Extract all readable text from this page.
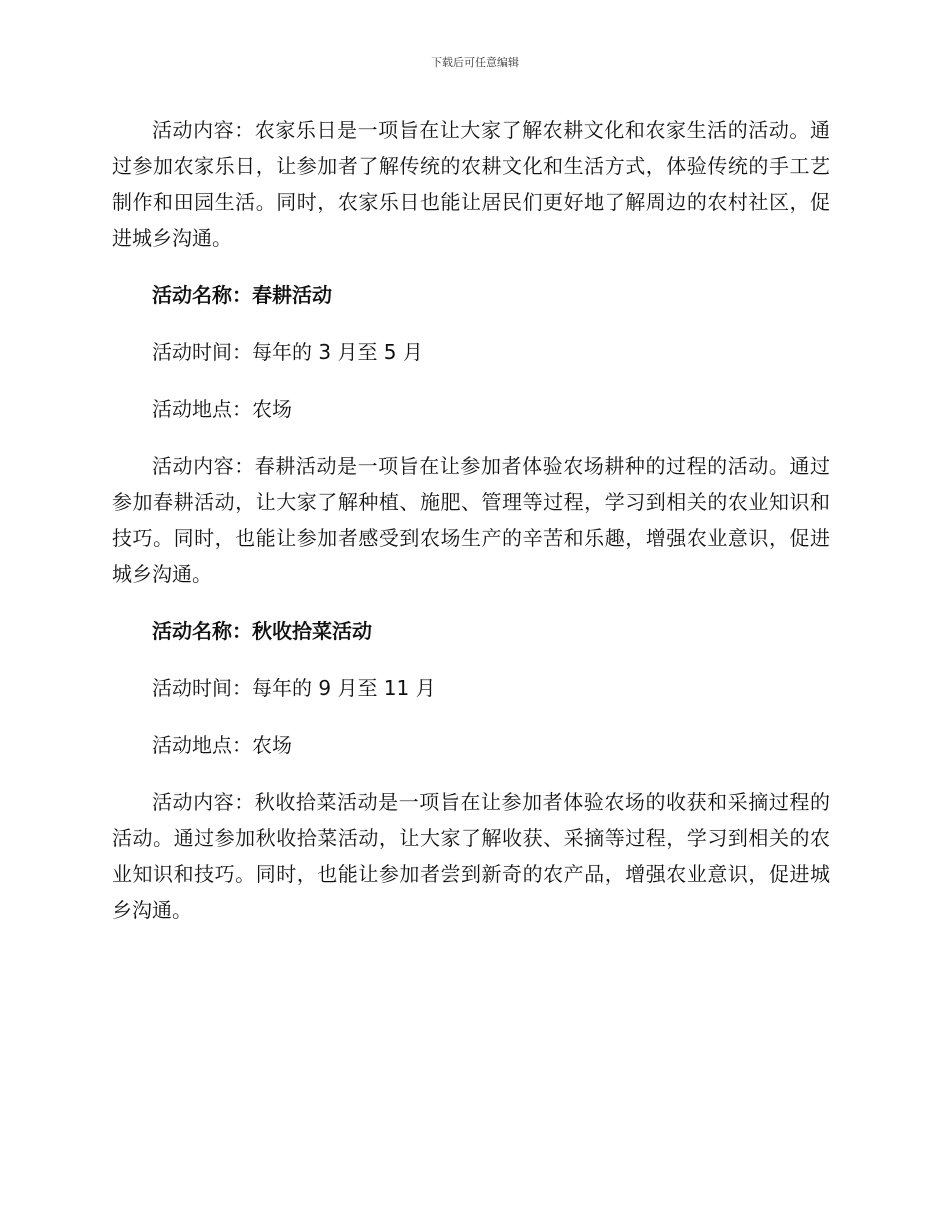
下载后可任意编辑

活动内容：农家乐日是一项旨在让大家了解农耕文化和农家生活的活动。通过参加农家乐日，让参加者了解传统的农耕文化和生活方式，体验传统的手工艺制作和田园生活。同时，农家乐日也能让居民们更好地了解周边的农村社区，促进城乡沟通。

活动名称：春耕活动

活动时间：每年的 3 月至 5 月

活动地点：农场

活动内容：春耕活动是一项旨在让参加者体验农场耕种的过程的活动。通过参加春耕活动，让大家了解种植、施肥、管理等过程，学习到相关的农业知识和技巧。同时，也能让参加者感受到农场生产的辛苦和乐趣，增强农业意识，促进城乡沟通。

活动名称：秋收拾菜活动

活动时间：每年的 9 月至 11 月

活动地点：农场

活动内容：秋收拾菜活动是一项旨在让参加者体验农场的收获和采摘过程的活动。通过参加秋收拾菜活动，让大家了解收获、采摘等过程，学习到相关的农业知识和技巧。同时，也能让参加者尝到新奇的农产品，增强农业意识，促进城乡沟通。
